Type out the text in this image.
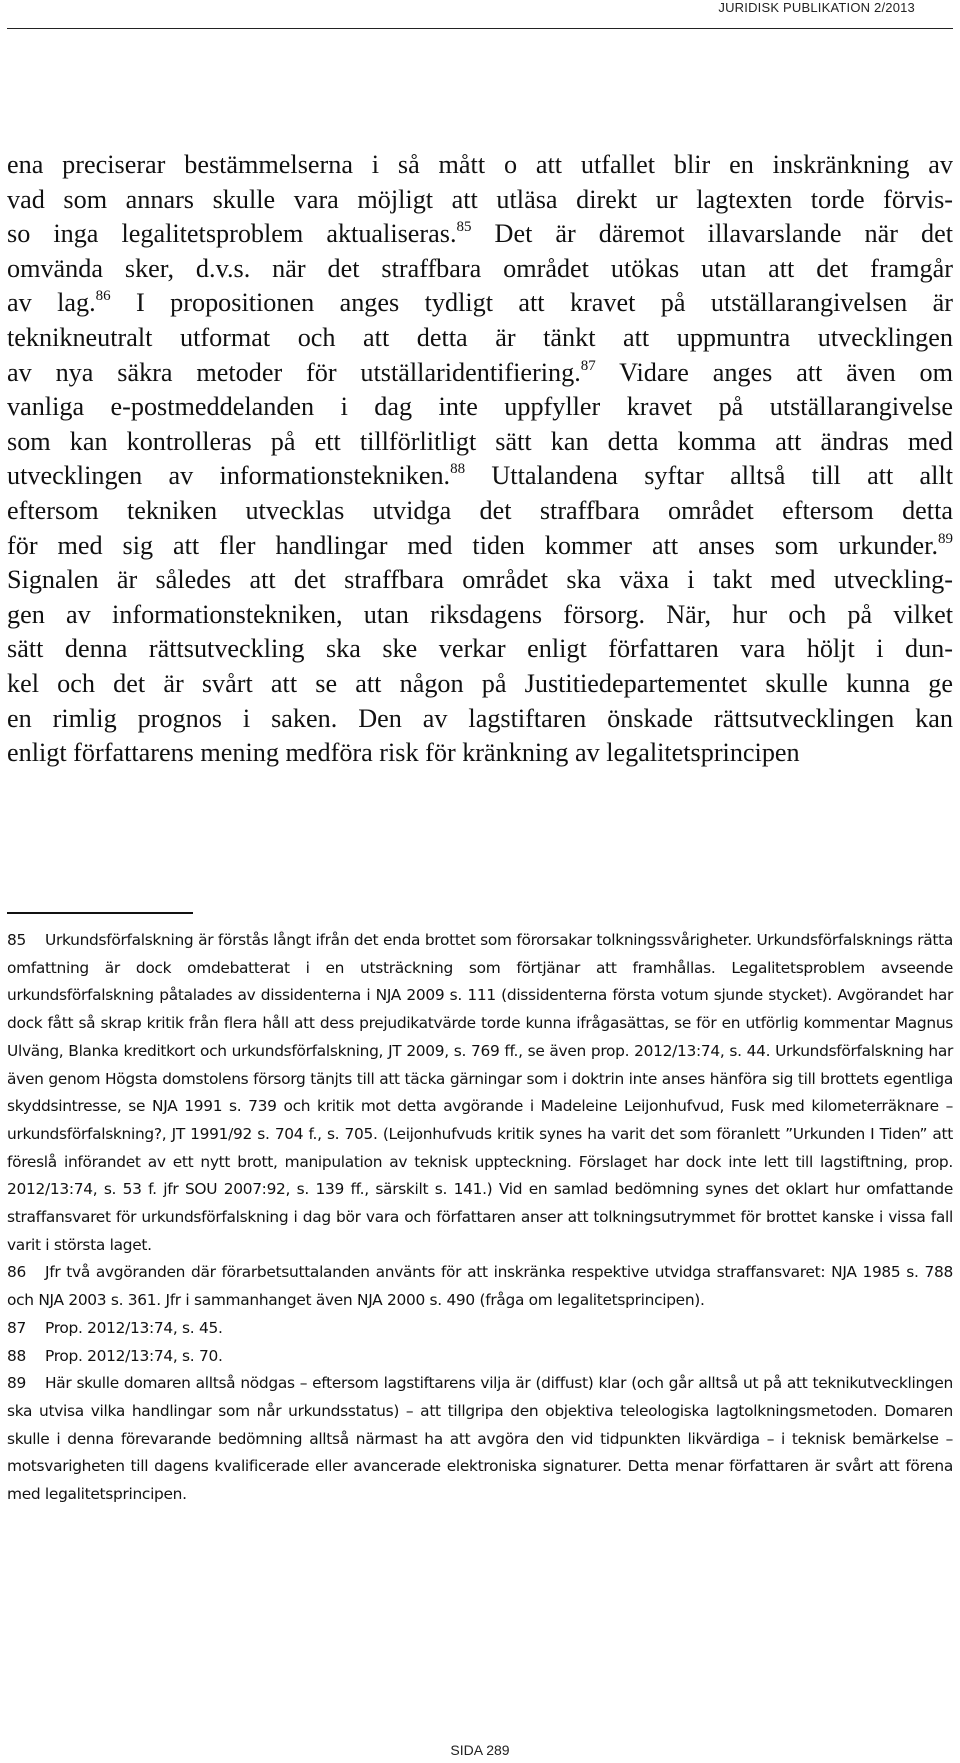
JURIDISK PUBLIKATION 2/2013
ena preciserar bestämmelserna i så mått o att utfallet blir en inskränkning av
vad som annars skulle vara möjligt att utläsa direkt ur lagtexten torde förvis-
so inga legalitetsproblem aktualiseras.$^{85}$ Det är däremot illavarslande när det
omvända sker, d.v.s. när det straffbara området utökas utan att det framgår
av lag.$^{86}$ I propositionen anges tydligt att kravet på utställarangivelsen är
teknikneutralt utformat och att detta är tänkt att uppmuntra utvecklingen
av nya säkra metoder för utställaridentifiering.$^{87}$ Vidare anges att även om
vanliga e-postmeddelanden i dag inte uppfyller kravet på utställarangivelse
som kan kontrolleras på ett tillförlitligt sätt kan detta komma att ändras med
utvecklingen av informationstekniken.$^{88}$ Uttalandena syftar alltså till att allt
eftersom tekniken utvecklas utvidga det straffbara området eftersom detta
för med sig att fler handlingar med tiden kommer att anses som urkunder.$^{89}$
Signalen är således att det straffbara området ska växa i takt med utveckling-
gen av informationstekniken, utan riksdagens försorg. När, hur och på vilket
sätt denna rättsutveckling ska ske verkar enligt författaren vara höljt i dun-
kel och det är svårt att se att någon på Justitiedepartementet skulle kunna ge
en rimlig prognos i saken. Den av lagstiftaren önskade rättsutvecklingen kan
enligt författarens mening medföra risk för kränkning av legalitetsprincipen

85 Urkundsförfalskning är förstås långt ifrån det enda brottet som förorsakar tolkningssvårigheter. Urkundsförfalsknings rätta omfattning är dock omdebatterat i en utsträckning som förtjänar att framhållas. Legalitetsproblem avseende urkundsförfalskning påtalades av dissidenterna i NJA 2009 s. 111 (dissidenterna första votum sjunde stycket). Avgörandet har dock fått så skrap kritik från flera håll att dess prejudikatvärde torde kunna ifrågasättas, se för en utförlig kommentar Magnus Ulväng, Blanka kreditkort och urkundsförfalskning, JT 2009, s. 769 ff., se även prop. 2012/13:74, s. 44. Urkundsförfalskning har även genom Högsta domstolens försorg tänjts till att täcka gärningar som i doktrin inte anses hänföra sig till brottets egentliga skyddsintresse, se NJA 1991 s. 739 och kritik mot detta avgörande i Madeleine Leijonhufvud, Fusk med kilometerräknare – urkundsförfalskning?, JT 1991/92 s. 704 f., s. 705. (Leijonhufvuds kritik synes ha varit det som föranlett ”Urkunden I Tiden” att föreslå införandet av ett nytt brott, manipulation av teknisk uppteckning. Förslaget har dock inte lett till lagstiftning, prop. 2012/13:74, s. 53 f. jfr SOU 2007:92, s. 139 ff., särskilt s. 141.) Vid en samlad bedömning synes det oklart hur omfattande straffansvaret för urkundsförfalskning i dag bör vara och författaren anser att tolkningsutrymmet för brottet kanske i vissa fall varit i största laget.

86 Jfr två avgöranden där förarbetsuttalanden använts för att inskränka respektive utvidga straffansvaret: NJA 1985 s. 788 och NJA 2003 s. 361. Jfr i sammanhanget även NJA 2000 s. 490 (fråga om legalitetsprincipen).

87 Prop. 2012/13:74, s. 45.

88 Prop. 2012/13:74, s. 70.

89 Här skulle domaren alltså nödgas – eftersom lagstiftarens vilja är (diffust) klar (och går alltså ut på att teknikutvecklingen ska utvisa vilka handlingar som når urkundsstatus) – att tillgripa den objektiva teleologiska lagtolkningsmetoden. Domaren skulle i denna förevarande bedömning alltså närmast ha att avgöra den vid tidpunkten likvärdiga – i teknisk bemärkelse – motsvarigheten till dagens kvalificerade eller avancerade elektroniska signaturer. Detta menar författaren är svårt att förena med legalitetsprincipen.

SIDA 289
